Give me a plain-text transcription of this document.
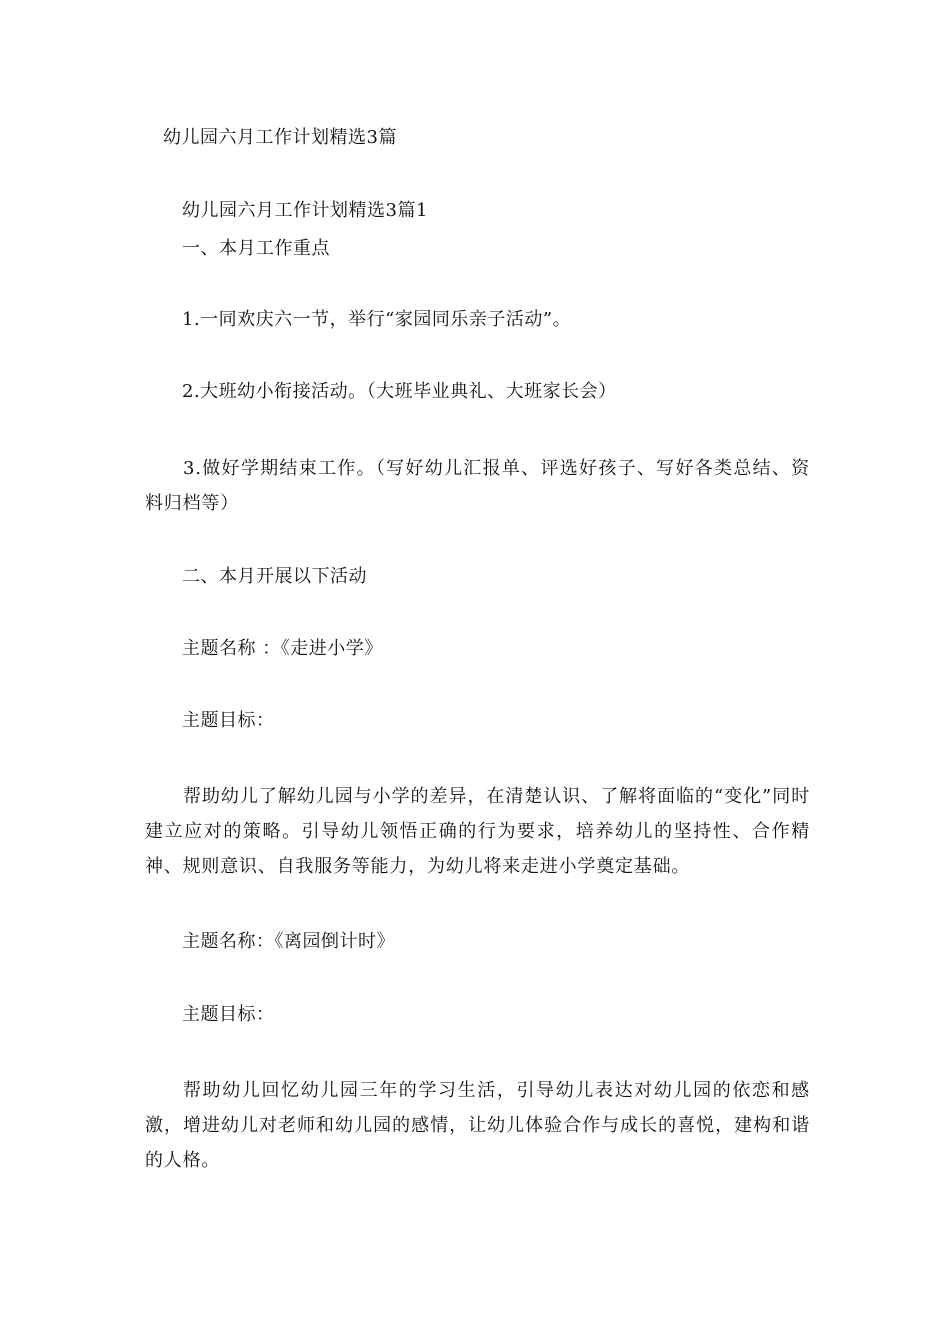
幼儿园六月工作计划精选3篇
幼儿园六月工作计划精选3篇1
一、本月工作重点
1.一同欢庆六一节，举行“家园同乐亲子活动”。
2.大班幼小衔接活动。（大班毕业典礼、大班家长会）
3.做好学期结束工作。（写好幼儿汇报单、评选好孩子、写好各类总结、资料归档等）
二、本月开展以下活动
主题名称 ：《走进小学》
主题目标：
帮助幼儿了解幼儿园与小学的差异，在清楚认识、了解将面临的“变化”同时建立应对的策略。引导幼儿领悟正确的行为要求，培养幼儿的坚持性、合作精神、规则意识、自我服务等能力，为幼儿将来走进小学奠定基础。
主题名称：《离园倒计时》
主题目标：
帮助幼儿回忆幼儿园三年的学习生活，引导幼儿表达对幼儿园的依恋和感激，增进幼儿对老师和幼儿园的感情，让幼儿体验合作与成长的喜悦，建构和谐的人格。
